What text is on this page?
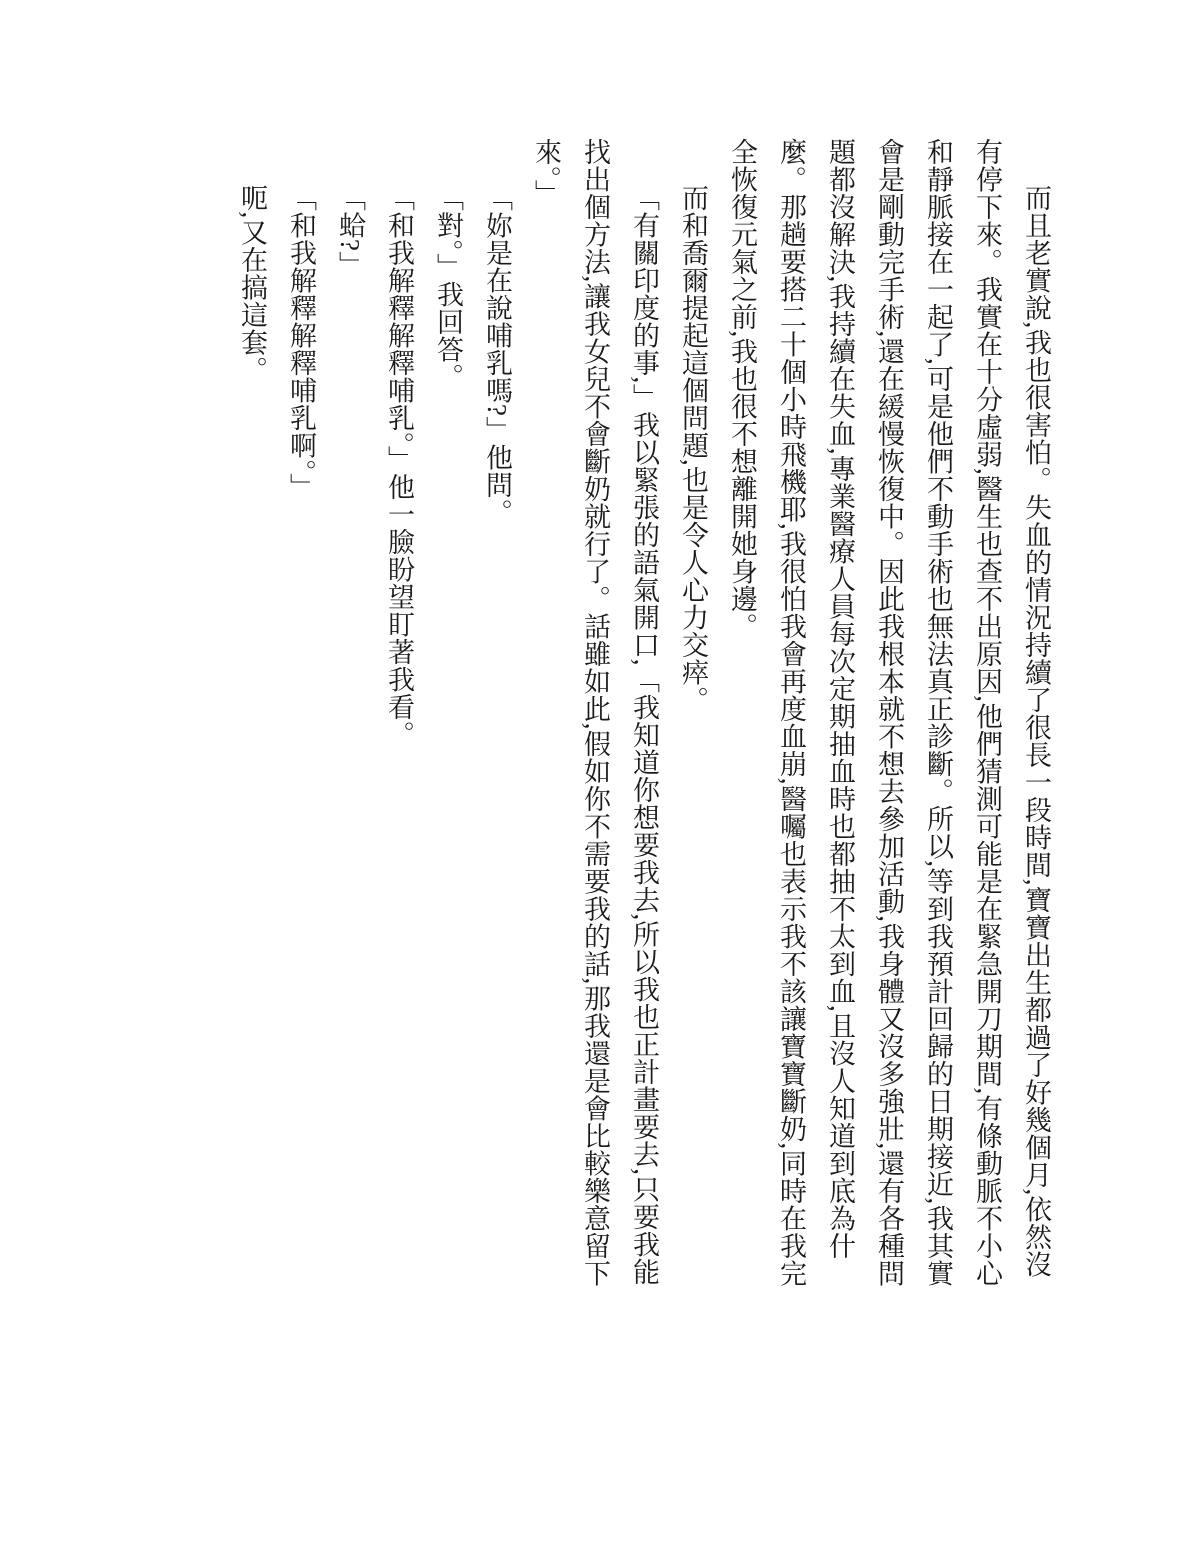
而且老實說,我也很害怕。失血的情況持續了很長一段時間,寶寶出生都過了好幾個月,依然沒有停下來。我實在十分虛弱,醫生也查不出原因,他們猜測可能是在緊急開刀期間,有條動脈不小心和靜脈接在一起了,可是他們不動手術也無法真正診斷。所以,等到我預計回歸的日期接近,我其實會是剛動完手術,還在緩慢恢復中。因此我根本就不想去參加活動,我身體又沒多強壯,還有各種問題都沒解決,我持續在失血,專業醫療人員每次定期抽血時也都抽不太到血,且沒人知道到底為什麼。那趟要搭二十個小時飛機耶,我很怕我會再度血崩,醫囑也表示我不該讓寶寶斷奶,同時在我完全恢復元氣之前,我也很不想離開她身邊。

而和喬爾提起這個問題,也是令人心力交瘁。

「有關印度的事,」我以緊張的語氣開口,「我知道你想要我去,所以我也正計畫要去,只要我能找出個方法,讓我女兒不會斷奶就行了。話雖如此,假如你不需要我的話,那我還是會比較樂意留下來。」

「妳是在說哺乳嗎?」他問。

「對。」我回答。

「和我解釋解釋哺乳。」他一臉盼望盯著我看。

「蛤?」

「和我解釋解釋哺乳啊。」

呃,又在搞這套。
